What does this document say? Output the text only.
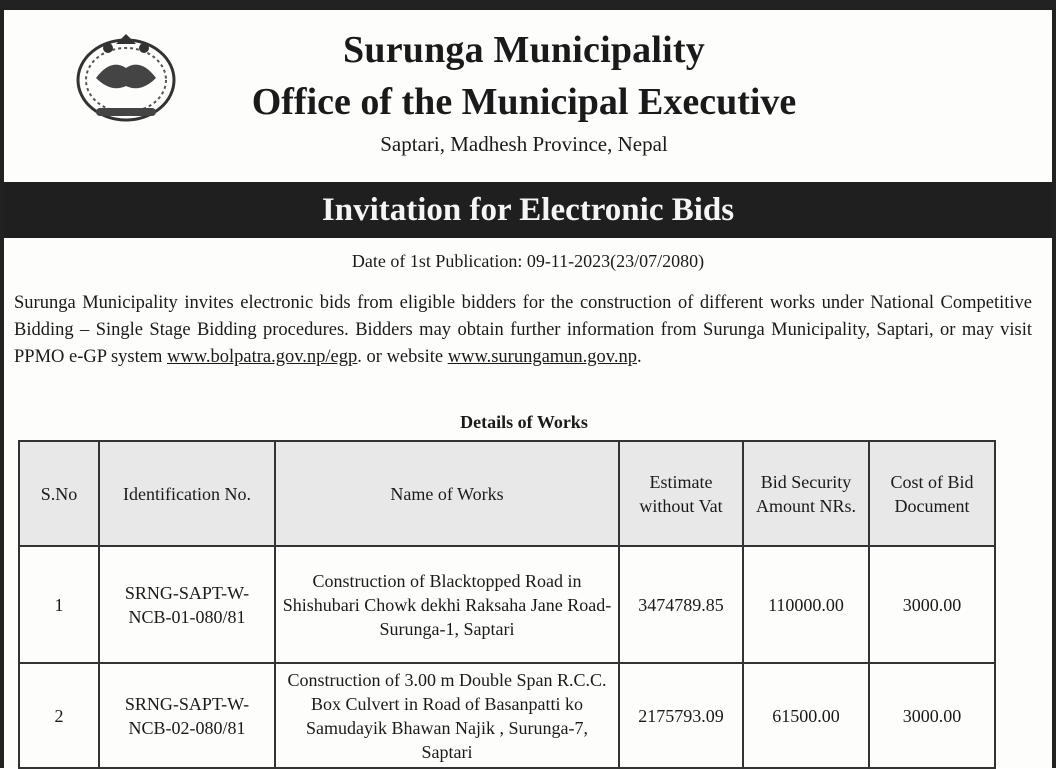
Surunga Municipality
Office of the Municipal Executive
Saptari, Madhesh Province, Nepal
Invitation for Electronic Bids
Date of 1st Publication: 09-11-2023(23/07/2080)
Surunga Municipality invites electronic bids from eligible bidders for the construction of different works under National Competitive Bidding – Single Stage Bidding procedures. Bidders may obtain further information from Surunga Municipality, Saptari, or may visit PPMO e-GP system www.bolpatra.gov.np/egp. or website www.surungamun.gov.np.
Details of Works
S.No	Identification No.	Name of Works	Estimate without Vat	Bid Security Amount NRs.	Cost of Bid Document
1	SRNG-SAPT-W-NCB-01-080/81	Construction of Blacktopped Road in Shishubari Chowk dekhi Raksaha Jane Road-Surunga-1, Saptari	3474789.85	110000.00	3000.00
2	SRNG-SAPT-W-NCB-02-080/81	Construction of 3.00 m Double Span R.C.C. Box Culvert in Road of Basanpatti ko Samudayik Bhawan Najik , Surunga-7, Saptari	2175793.09	61500.00	3000.00
